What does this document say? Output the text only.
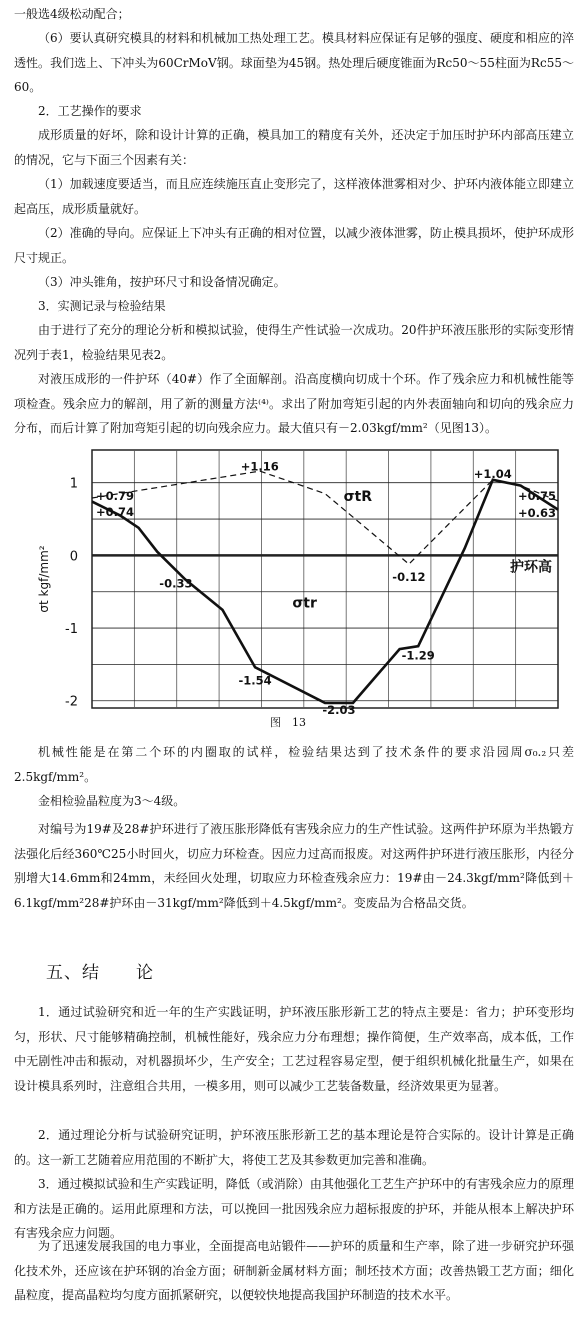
一般选4级松动配合；
（6）要认真研究模具的材料和机械加工热处理工艺。模具材料应保证有足够的强度、硬度和相应的淬透性。我们选上、下冲头为60CrMoV钢。球面垫为45钢。热处理后硬度锥面为Rc50～55柱面为Rc55～60。
2．工艺操作的要求
成形质量的好坏，除和设计计算的正确，模具加工的精度有关外，还决定于加压时护环内部高压建立的情况，它与下面三个因素有关：
（1）加载速度要适当，而且应连续施压直止变形完了，这样液体泄雾相对少、护环内液体能立即建立起高压，成形质量就好。
（2）准确的导向。应保证上下冲头有正确的相对位置，以减少液体泄雾，防止模具损坏，使护环成形尺寸规正。
（3）冲头锥角，按护环尺寸和设备情况确定。
3．实测记录与检验结果
由于进行了充分的理论分析和模拟试验，使得生产性试验一次成功。20件护环液压胀形的实际变形情况列于表1，检验结果见表2。
对液压成形的一件护环（40#）作了全面解剖。沿高度横向切成十个环。作了残余应力和机械性能等项检查。残余应力的解剖，用了新的测量方法⁽⁴⁾。求出了附加弯矩引起的内外表面轴向和切向的残余应力分布，而后计算了附加弯矩引起的切向残余应力。最大值只有－2.03kgf/mm²（见图13）。
1
0
-1
-2
σt kgf/mm²	护环高
σtR
σtr
+1.16
+0.79
+0.74
-0.33	-0.12
-1.54
-2.03
-1.29
+1.04
+0.75
+0.63
图　13
机械性能是在第二个环的内圈取的试样，检验结果达到了技术条件的要求沿园周σ₀.₂只差2.5kgf/mm²。
金相检验晶粒度为3～4级。
对编号为19#及28#护环进行了液压胀形降低有害残余应力的生产性试验。这两件护环原为半热锻方法强化后经360℃25小时回火，切应力环检查。因应力过高而报废。对这两件护环进行液压胀形，内径分别增大14.6mm和24mm，未经回火处理，切取应力环检查残余应力：19#由－24.3kgf/mm²降低到＋6.1kgf/mm²28#护环由－31kgf/mm²降低到＋4.5kgf/mm²。变废品为合格品交货。
五、结　　论
1．通过试验研究和近一年的生产实践证明，护环液压胀形新工艺的特点主要是：省力；护环变形均匀，形状、尺寸能够精确控制，机械性能好，残余应力分布理想；操作简便，生产效率高，成本低，工作中无剧性冲击和振动，对机器损坏少，生产安全；工艺过程容易定型，便于组织机械化批量生产，如果在设计模具系列时，注意组合共用，一模多用，则可以减少工艺装备数量，经济效果更为显著。
2．通过理论分析与试验研究证明，护环液压胀形新工艺的基本理论是符合实际的。设计计算是正确的。这一新工艺随着应用范围的不断扩大，将使工艺及其参数更加完善和准确。
3．通过模拟试验和生产实践证明，降低（或消除）由其他强化工艺生产护环中的有害残余应力的原理和方法是正确的。运用此原理和方法，可以挽回一批因残余应力超标报废的护环，并能从根本上解决护环有害残余应力问题。
为了迅速发展我国的电力事业，全面提高电站锻件——护环的质量和生产率，除了进一步研究护环强化技术外，还应该在护环钢的冶金方面；研制新金属材料方面；制坯技术方面；改善热锻工艺方面；细化晶粒度，提高晶粒均匀度方面抓紧研究，以便较快地提高我国护环制造的技术水平。
